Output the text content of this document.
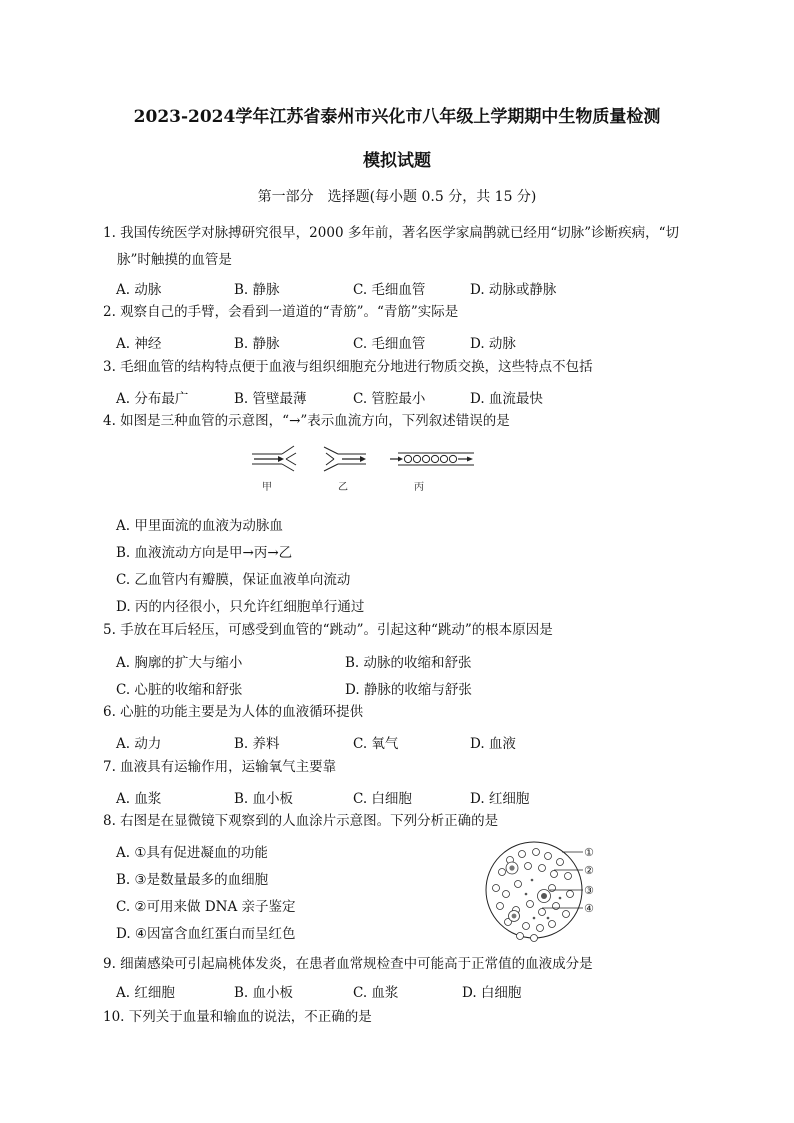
2023-2024学年江苏省泰州市兴化市八年级上学期期中生物质量检测
模拟试题
第一部分　选择题(每小题 0.5 分，共 15 分)
1. 我国传统医学对脉搏研究很早，2000 多年前，著名医学家扁鹊就已经用“切脉”诊断疾病，“切
脉”时触摸的血管是
A. 动脉	B. 静脉	C. 毛细血管	D. 动脉或静脉
2. 观察自己的手臂，会看到一道道的“青筋”。“青筋”实际是
A. 神经	B. 静脉	C. 毛细血管	D. 动脉
3. 毛细血管的结构特点便于血液与组织细胞充分地进行物质交换，这些特点不包括
A. 分布最广	B. 管壁最薄	C. 管腔最小	D. 血流最快
4. 如图是三种血管的示意图，“→”表示血流方向，下列叙述错误的是
甲	乙	丙
A. 甲里面流的血液为动脉血
B. 血液流动方向是甲→丙→乙
C. 乙血管内有瓣膜，保证血液单向流动
D. 丙的内径很小，只允许红细胞单行通过
5. 手放在耳后轻压，可感受到血管的“跳动”。引起这种“跳动”的根本原因是
A. 胸廓的扩大与缩小	B. 动脉的收缩和舒张
C. 心脏的收缩和舒张	D. 静脉的收缩与舒张
6. 心脏的功能主要是为人体的血液循环提供
A. 动力	B. 养料	C. 氧气	D. 血液
7. 血液具有运输作用，运输氧气主要靠
A. 血浆	B. 血小板	C. 白细胞	D. 红细胞
8. 右图是在显微镜下观察到的人血涂片示意图。下列分析正确的是
A. ①具有促进凝血的功能
B. ③是数量最多的血细胞
C. ②可用来做 DNA 亲子鉴定
D. ④因富含血红蛋白而呈红色
①
②
③
④
9. 细菌感染可引起扁桃体发炎，在患者血常规检查中可能高于正常值的血液成分是
A. 红细胞	B. 血小板	C. 血浆	D. 白细胞
10. 下列关于血量和输血的说法，不正确的是
